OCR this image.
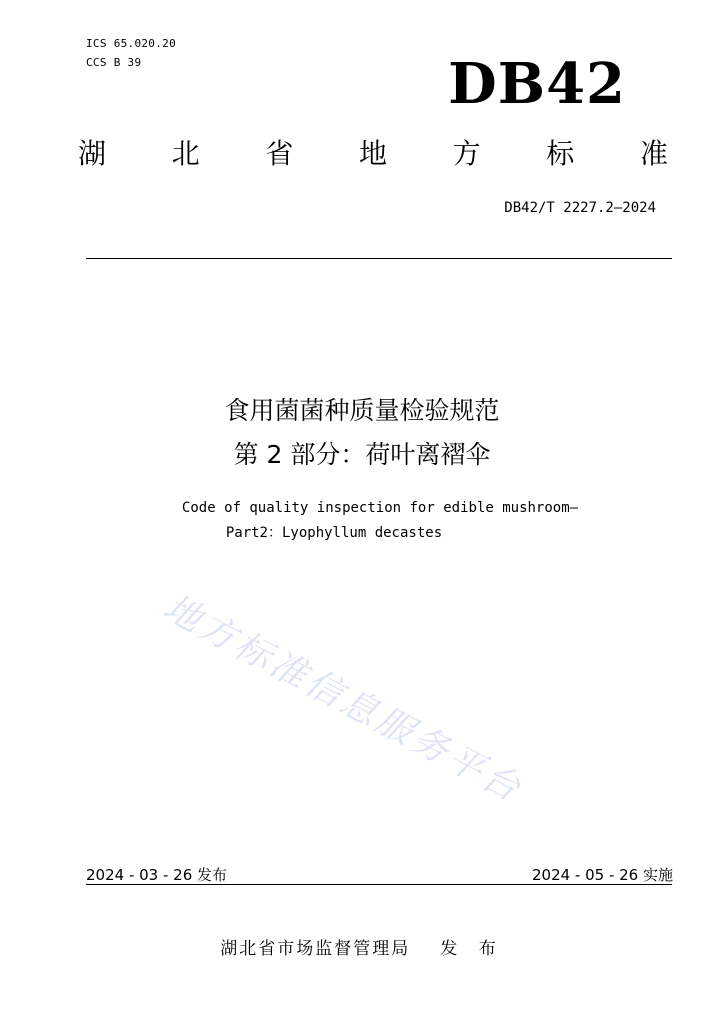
ICS 65.020.20
CCS B 39	DB42
湖 北 省 地 方 标 准
DB42/T 2227.2—2024
食用菌菌种质量检验规范
第 2 部分：荷叶离褶伞
Code of quality inspection for edible mushroom—
Part2：Lyophyllum decastes
地方标准信息服务平台
2024 - 03 - 26 发布	2024 - 05 - 26 实施
湖北省市场监督管理局 发 布
